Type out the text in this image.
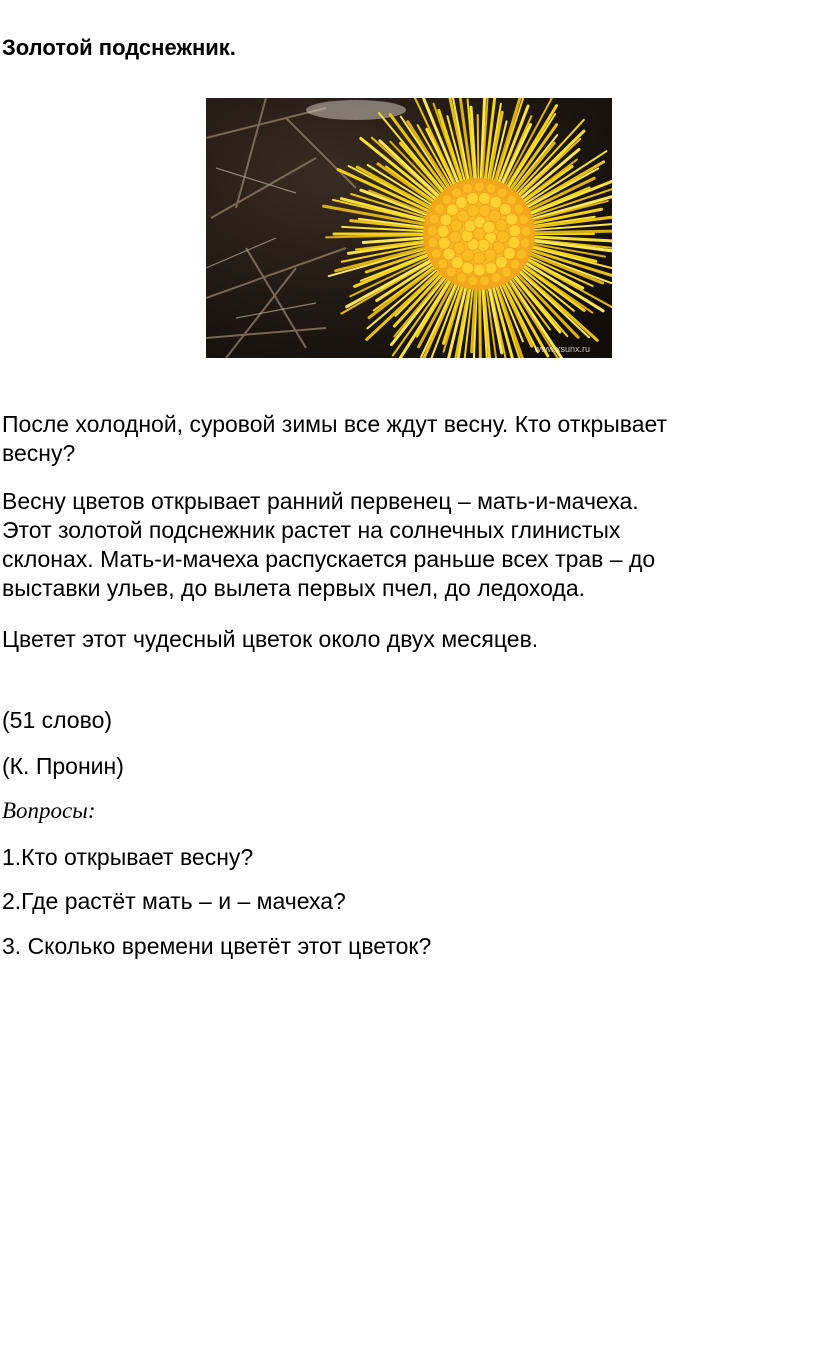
Золотой подснежник.
www.xsunx.ru
После холодной, суровой зимы все ждут весну. Кто открывает
весну?
Весну цветов открывает ранний первенец – мать-и-мачеха.
Этот золотой подснежник растет на солнечных глинистых
склонах. Мать-и-мачеха распускается раньше всех трав – до
выставки ульев, до вылета первых пчел, до ледохода.
Цветет этот чудесный цветок около двух месяцев.
(51 слово)
(К. Пронин)
Вопросы:
1.Кто открывает весну?
2.Где растёт мать – и – мачеха?
3. Сколько времени цветёт этот цветок?
